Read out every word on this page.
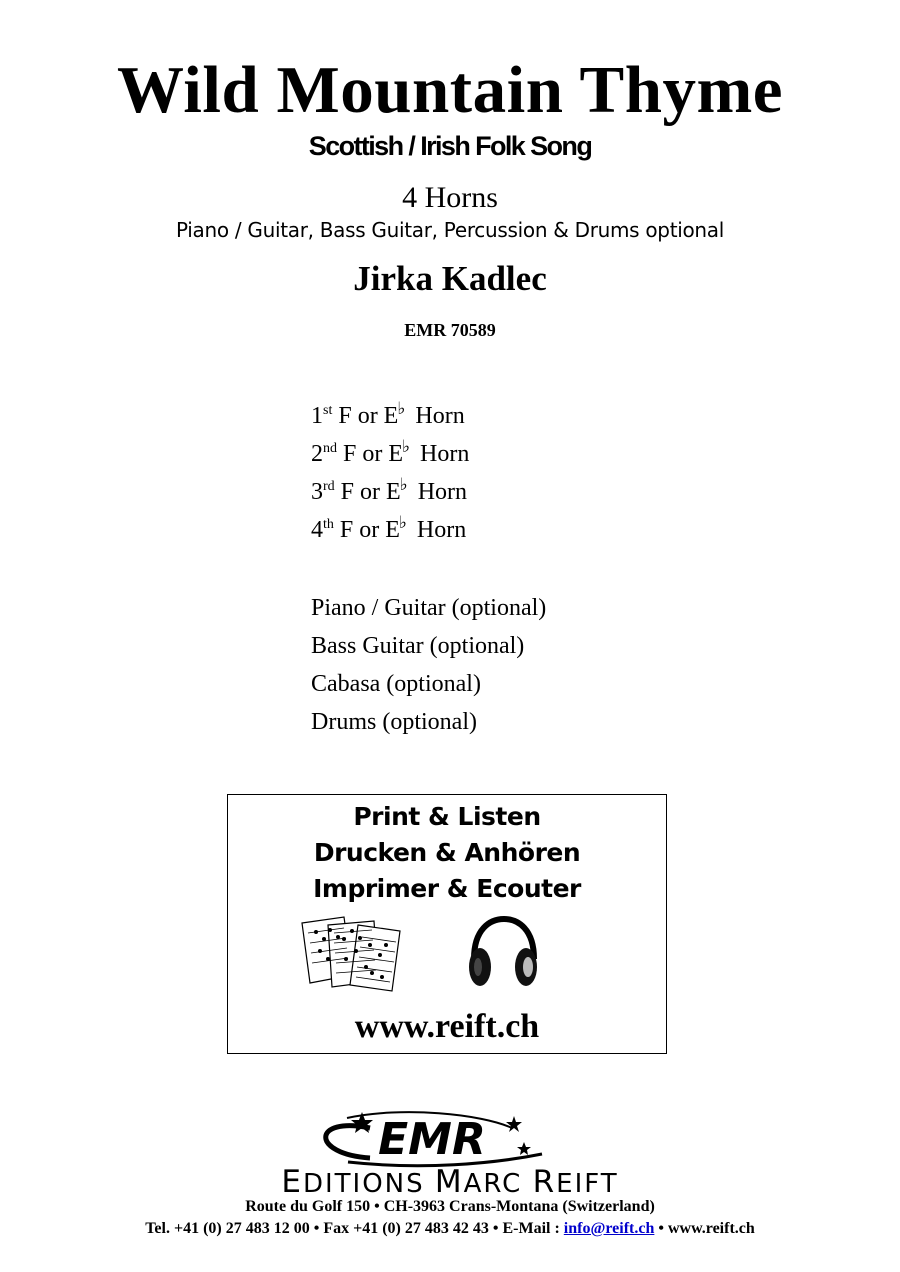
Wild Mountain Thyme
Scottish / Irish Folk Song
4 Horns
Piano / Guitar, Bass Guitar, Percussion & Drums optional
Jirka Kadlec
EMR 70589
1st F or E♭ Horn
2nd F or E♭ Horn
3rd F or E♭ Horn
4th F or E♭ Horn
Piano / Guitar (optional)
Bass Guitar (optional)
Cabasa (optional)
Drums (optional)
Print & Listen
Drucken & Anhören
Imprimer & Ecouter
www.reift.ch
EMR
EDITIONS MARC REIFT
Route du Golf 150 • CH-3963 Crans-Montana (Switzerland)
Tel. +41 (0) 27 483 12 00 • Fax +41 (0) 27 483 42 43 • E-Mail : info@reift.ch • www.reift.ch
